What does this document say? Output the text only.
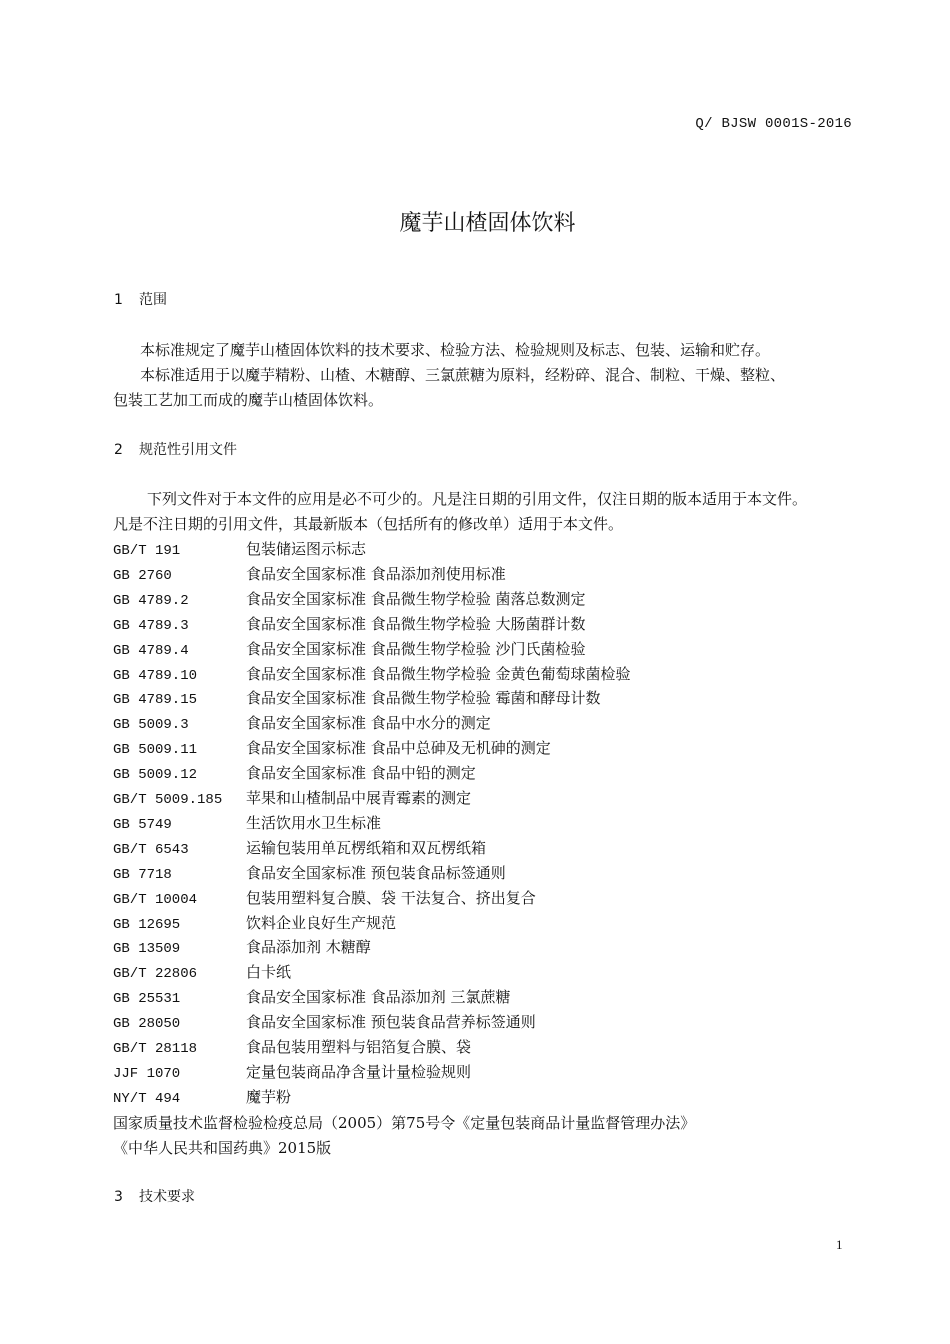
Q/ BJSW 0001S-2016
魔芋山楂固体饮料
1 范围
本标准规定了魔芋山楂固体饮料的技术要求、检验方法、检验规则及标志、包装、运输和贮存。
本标准适用于以魔芋精粉、山楂、木糖醇、三氯蔗糖为原料，经粉碎、混合、制粒、干燥、整粒、
包装工艺加工而成的魔芋山楂固体饮料。
2 规范性引用文件
下列文件对于本文件的应用是必不可少的。凡是注日期的引用文件，仅注日期的版本适用于本文件。
凡是不注日期的引用文件，其最新版本（包括所有的修改单）适用于本文件。
GB/T 191	包装储运图示标志
GB 2760	食品安全国家标准 食品添加剂使用标准
GB 4789.2	食品安全国家标准 食品微生物学检验 菌落总数测定
GB 4789.3	食品安全国家标准 食品微生物学检验 大肠菌群计数
GB 4789.4	食品安全国家标准 食品微生物学检验 沙门氏菌检验
GB 4789.10	食品安全国家标准 食品微生物学检验 金黄色葡萄球菌检验
GB 4789.15	食品安全国家标准 食品微生物学检验 霉菌和酵母计数
GB 5009.3	食品安全国家标准 食品中水分的测定
GB 5009.11	食品安全国家标准 食品中总砷及无机砷的测定
GB 5009.12	食品安全国家标准 食品中铅的测定
GB/T 5009.185 苹果和山楂制品中展青霉素的测定
GB 5749	生活饮用水卫生标准
GB/T 6543	运输包装用单瓦楞纸箱和双瓦楞纸箱
GB 7718	食品安全国家标准 预包装食品标签通则
GB/T 10004	包装用塑料复合膜、袋 干法复合、挤出复合
GB 12695	饮料企业良好生产规范
GB 13509	食品添加剂 木糖醇
GB/T 22806	白卡纸
GB 25531	食品安全国家标准 食品添加剂 三氯蔗糖
GB 28050	食品安全国家标准 预包装食品营养标签通则
GB/T 28118	食品包装用塑料与铝箔复合膜、袋
JJF 1070	定量包装商品净含量计量检验规则
NY/T 494	魔芋粉
国家质量技术监督检验检疫总局（2005）第75号令《定量包装商品计量监督管理办法》
《中华人民共和国药典》2015版
3 技术要求
1
